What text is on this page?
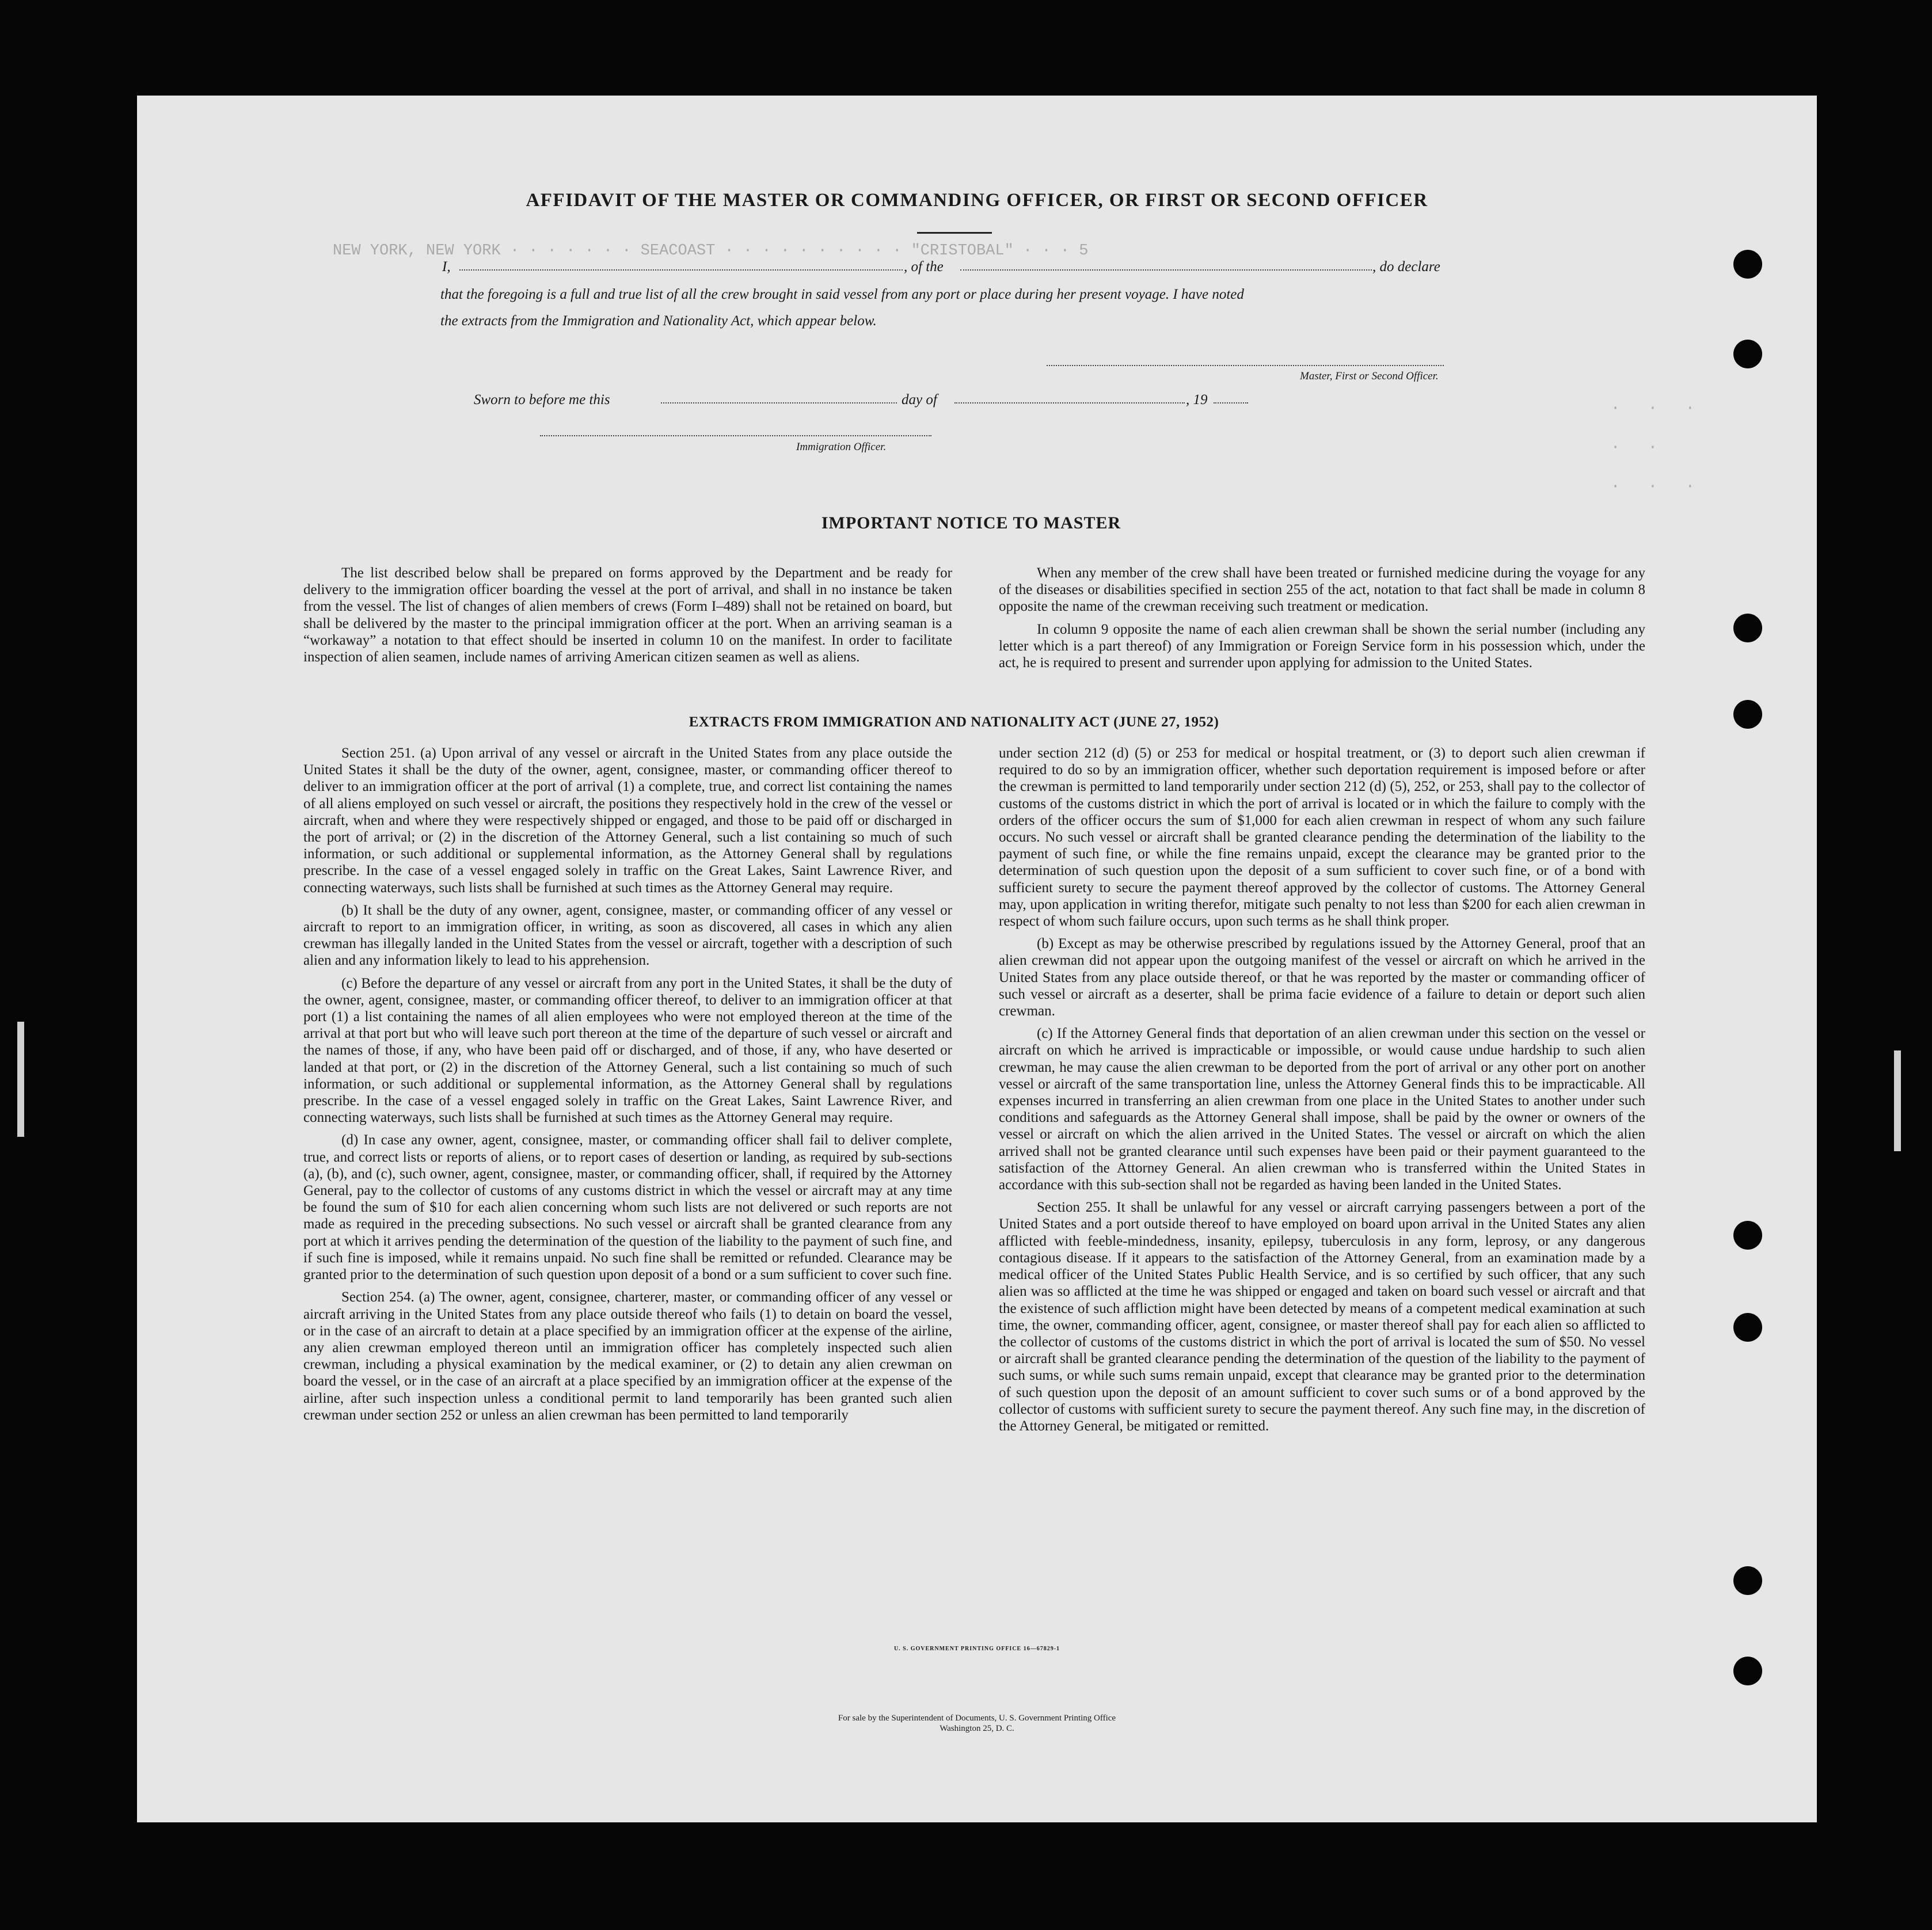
NEW YORK, NEW YORK · · · · · · · SEACOAST · · · · · · · · · · "CRISTOBAL" · · · 5
·   ·   ·
·   ·
·   ·   ·
AFFIDAVIT OF THE MASTER OR COMMANDING OFFICER, OR FIRST OR SECOND OFFICER
I,	, of the	, do declare
that the foregoing is a full and true list of all the crew brought in said vessel from any port or place during her present voyage. I have noted
the extracts from the Immigration and Nationality Act, which appear below.
Master, First or Second Officer.
Sworn to before me this	day of	, 19
Immigration Officer.
IMPORTANT NOTICE TO MASTER

The list described below shall be prepared on forms approved by the Department and be ready for delivery to the immigration officer boarding the vessel at the port of arrival, and shall in no instance be taken from the vessel. The list of changes of alien members of crews (Form I–489) shall not be retained on board, but shall be delivered by the master to the principal immigration officer at the port. When an arriving seaman is a “workaway” a notation to that effect should be inserted in column 10 on the manifest. In order to facilitate inspection of alien seamen, include names of arriving American citizen seamen as well as aliens.

When any member of the crew shall have been treated or furnished medicine during the voyage for any of the diseases or disabilities specified in section 255 of the act, notation to that fact shall be made in column 8 opposite the name of the crewman receiving such treatment or medication.

In column 9 opposite the name of each alien crewman shall be shown the serial number (including any letter which is a part thereof) of any Immigration or Foreign Service form in his possession which, under the act, he is required to present and surrender upon applying for admission to the United States.

EXTRACTS FROM IMMIGRATION AND NATIONALITY ACT (JUNE 27, 1952)

Section 251. (a) Upon arrival of any vessel or aircraft in the United States from any place outside the United States it shall be the duty of the owner, agent, consignee, master, or commanding officer thereof to deliver to an immigration officer at the port of arrival (1) a complete, true, and correct list containing the names of all aliens employed on such vessel or aircraft, the positions they respectively hold in the crew of the vessel or aircraft, when and where they were respectively shipped or engaged, and those to be paid off or discharged in the port of arrival; or (2) in the discretion of the Attorney General, such a list containing so much of such information, or such additional or supplemental information, as the Attorney General shall by regulations prescribe. In the case of a vessel engaged solely in traffic on the Great Lakes, Saint Lawrence River, and connecting waterways, such lists shall be furnished at such times as the Attorney General may require.

(b) It shall be the duty of any owner, agent, consignee, master, or commanding officer of any vessel or aircraft to report to an immigration officer, in writing, as soon as discovered, all cases in which any alien crewman has illegally landed in the United States from the vessel or aircraft, together with a description of such alien and any information likely to lead to his apprehension.

(c) Before the departure of any vessel or aircraft from any port in the United States, it shall be the duty of the owner, agent, consignee, master, or commanding officer thereof, to deliver to an immigration officer at that port (1) a list containing the names of all alien employees who were not employed thereon at the time of the arrival at that port but who will leave such port thereon at the time of the departure of such vessel or aircraft and the names of those, if any, who have been paid off or discharged, and of those, if any, who have deserted or landed at that port, or (2) in the discretion of the Attorney General, such a list containing so much of such information, or such additional or supplemental information, as the Attorney General shall by regulations prescribe. In the case of a vessel engaged solely in traffic on the Great Lakes, Saint Lawrence River, and connecting waterways, such lists shall be furnished at such times as the Attorney General may require.

(d) In case any owner, agent, consignee, master, or commanding officer shall fail to deliver complete, true, and correct lists or reports of aliens, or to report cases of desertion or landing, as required by sub-sections (a), (b), and (c), such owner, agent, consignee, master, or commanding officer, shall, if required by the Attorney General, pay to the collector of customs of any customs district in which the vessel or aircraft may at any time be found the sum of $10 for each alien concerning whom such lists are not delivered or such reports are not made as required in the preceding subsections. No such vessel or aircraft shall be granted clearance from any port at which it arrives pending the determination of the question of the liability to the payment of such fine, and if such fine is imposed, while it remains unpaid. No such fine shall be remitted or refunded. Clearance may be granted prior to the determination of such question upon deposit of a bond or a sum sufficient to cover such fine.

Section 254. (a) The owner, agent, consignee, charterer, master, or commanding officer of any vessel or aircraft arriving in the United States from any place outside thereof who fails (1) to detain on board the vessel, or in the case of an aircraft to detain at a place specified by an immigration officer at the expense of the airline, any alien crewman employed thereon until an immigration officer has completely inspected such alien crewman, including a physical examination by the medical examiner, or (2) to detain any alien crewman on board the vessel, or in the case of an aircraft at a place specified by an immigration officer at the expense of the airline, after such inspection unless a conditional permit to land temporarily has been granted such alien crewman under section 252 or unless an alien crewman has been permitted to land temporarily

under section 212 (d) (5) or 253 for medical or hospital treatment, or (3) to deport such alien crewman if required to do so by an immigration officer, whether such deportation requirement is imposed before or after the crewman is permitted to land temporarily under section 212 (d) (5), 252, or 253, shall pay to the collector of customs of the customs district in which the port of arrival is located or in which the failure to comply with the orders of the officer occurs the sum of $1,000 for each alien crewman in respect of whom any such failure occurs. No such vessel or aircraft shall be granted clearance pending the determination of the liability to the payment of such fine, or while the fine remains unpaid, except the clearance may be granted prior to the determination of such question upon the deposit of a sum sufficient to cover such fine, or of a bond with sufficient surety to secure the payment thereof approved by the collector of customs. The Attorney General may, upon application in writing therefor, mitigate such penalty to not less than $200 for each alien crewman in respect of whom such failure occurs, upon such terms as he shall think proper.

(b) Except as may be otherwise prescribed by regulations issued by the Attorney General, proof that an alien crewman did not appear upon the outgoing manifest of the vessel or aircraft on which he arrived in the United States from any place outside thereof, or that he was reported by the master or commanding officer of such vessel or aircraft as a deserter, shall be prima facie evidence of a failure to detain or deport such alien crewman.

(c) If the Attorney General finds that deportation of an alien crewman under this section on the vessel or aircraft on which he arrived is impracticable or impossible, or would cause undue hardship to such alien crewman, he may cause the alien crewman to be deported from the port of arrival or any other port on another vessel or aircraft of the same transportation line, unless the Attorney General finds this to be impracticable. All expenses incurred in transferring an alien crewman from one place in the United States to another under such conditions and safeguards as the Attorney General shall impose, shall be paid by the owner or owners of the vessel or aircraft on which the alien arrived in the United States. The vessel or aircraft on which the alien arrived shall not be granted clearance until such expenses have been paid or their payment guaranteed to the satisfaction of the Attorney General. An alien crewman who is transferred within the United States in accordance with this sub-section shall not be regarded as having been landed in the United States.

Section 255. It shall be unlawful for any vessel or aircraft carrying passengers between a port of the United States and a port outside thereof to have employed on board upon arrival in the United States any alien afflicted with feeble-mindedness, insanity, epilepsy, tuberculosis in any form, leprosy, or any dangerous contagious disease. If it appears to the satisfaction of the Attorney General, from an examination made by a medical officer of the United States Public Health Service, and is so certified by such officer, that any such alien was so afflicted at the time he was shipped or engaged and taken on board such vessel or aircraft and that the existence of such affliction might have been detected by means of a competent medical examination at such time, the owner, commanding officer, agent, consignee, or master thereof shall pay for each alien so afflicted to the collector of customs of the customs district in which the port of arrival is located the sum of $50. No vessel or aircraft shall be granted clearance pending the determination of the question of the liability to the payment of such sums, or while such sums remain unpaid, except that clearance may be granted prior to the determination of such question upon the deposit of an amount sufficient to cover such sums or of a bond approved by the collector of customs with sufficient surety to secure the payment thereof. Any such fine may, in the discretion of the Attorney General, be mitigated or remitted.

U. S. GOVERNMENT PRINTING OFFICE 16—67829-1
For sale by the Superintendent of Documents, U. S. Government Printing Office
Washington 25, D. C.
